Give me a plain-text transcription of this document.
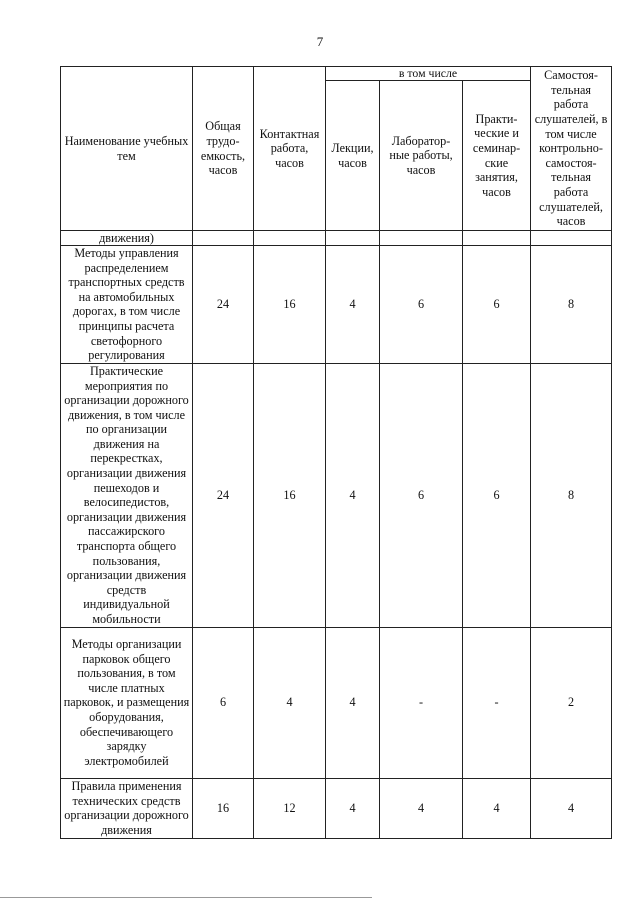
7
Наименование учебных тем	Общая трудо-емкость, часов	Контактная работа, часов	в том числе			Самостоя-тельная работа слушателей, в том числе контрольно-самостоя-тельная работа слушателей, часов
			Лекции, часов	Лаборатор-ные работы, часов	Практи-ческие и семинар-ские занятия, часов	
движения)						
Методы управления распределением транспортных средств на автомобильных дорогах, в том числе принципы расчета светофорного регулирования	24	16	4	6	6	8
Практические мероприятия по организации дорожного движения, в том числе по организации движения на перекрестках, организации движения пешеходов и велосипедистов, организации движения пассажирского транспорта общего пользования, организации движения средств индивидуальной мобильности	24	16	4	6	6	8
Методы организации парковок общего пользования, в том числе платных парковок, и размещения оборудования, обеспечивающего зарядку электромобилей	6	4	4	-	-	2
Правила применения технических средств организации дорожного движения	16	12	4	4	4	4
